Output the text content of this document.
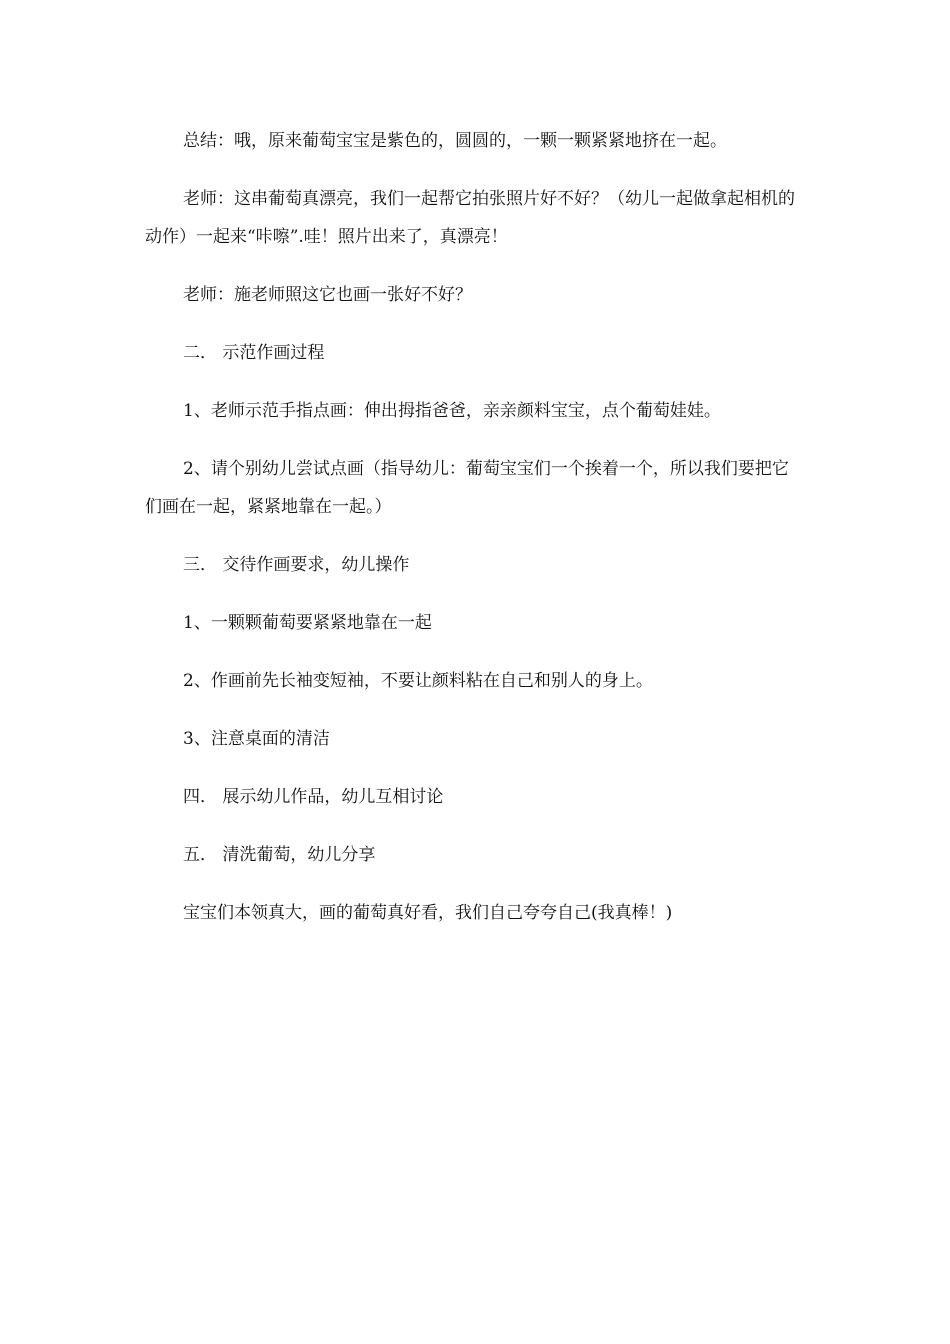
总结：哦，原来葡萄宝宝是紫色的，圆圆的，一颗一颗紧紧地挤在一起。

老师：这串葡萄真漂亮，我们一起帮它拍张照片好不好？（幼儿一起做拿起相机的动作）一起来“咔嚓”.哇！照片出来了，真漂亮！

老师：施老师照这它也画一张好不好？

二． 示范作画过程

1、老师示范手指点画：伸出拇指爸爸，亲亲颜料宝宝，点个葡萄娃娃。

2、请个别幼儿尝试点画（指导幼儿：葡萄宝宝们一个挨着一个，所以我们要把它们画在一起，紧紧地靠在一起。）

三． 交待作画要求，幼儿操作

1、一颗颗葡萄要紧紧地靠在一起

2、作画前先长袖变短袖，不要让颜料粘在自己和别人的身上。

3、注意桌面的清洁

四． 展示幼儿作品，幼儿互相讨论

五． 清洗葡萄，幼儿分享

宝宝们本领真大，画的葡萄真好看，我们自己夸夸自己(我真棒！)
